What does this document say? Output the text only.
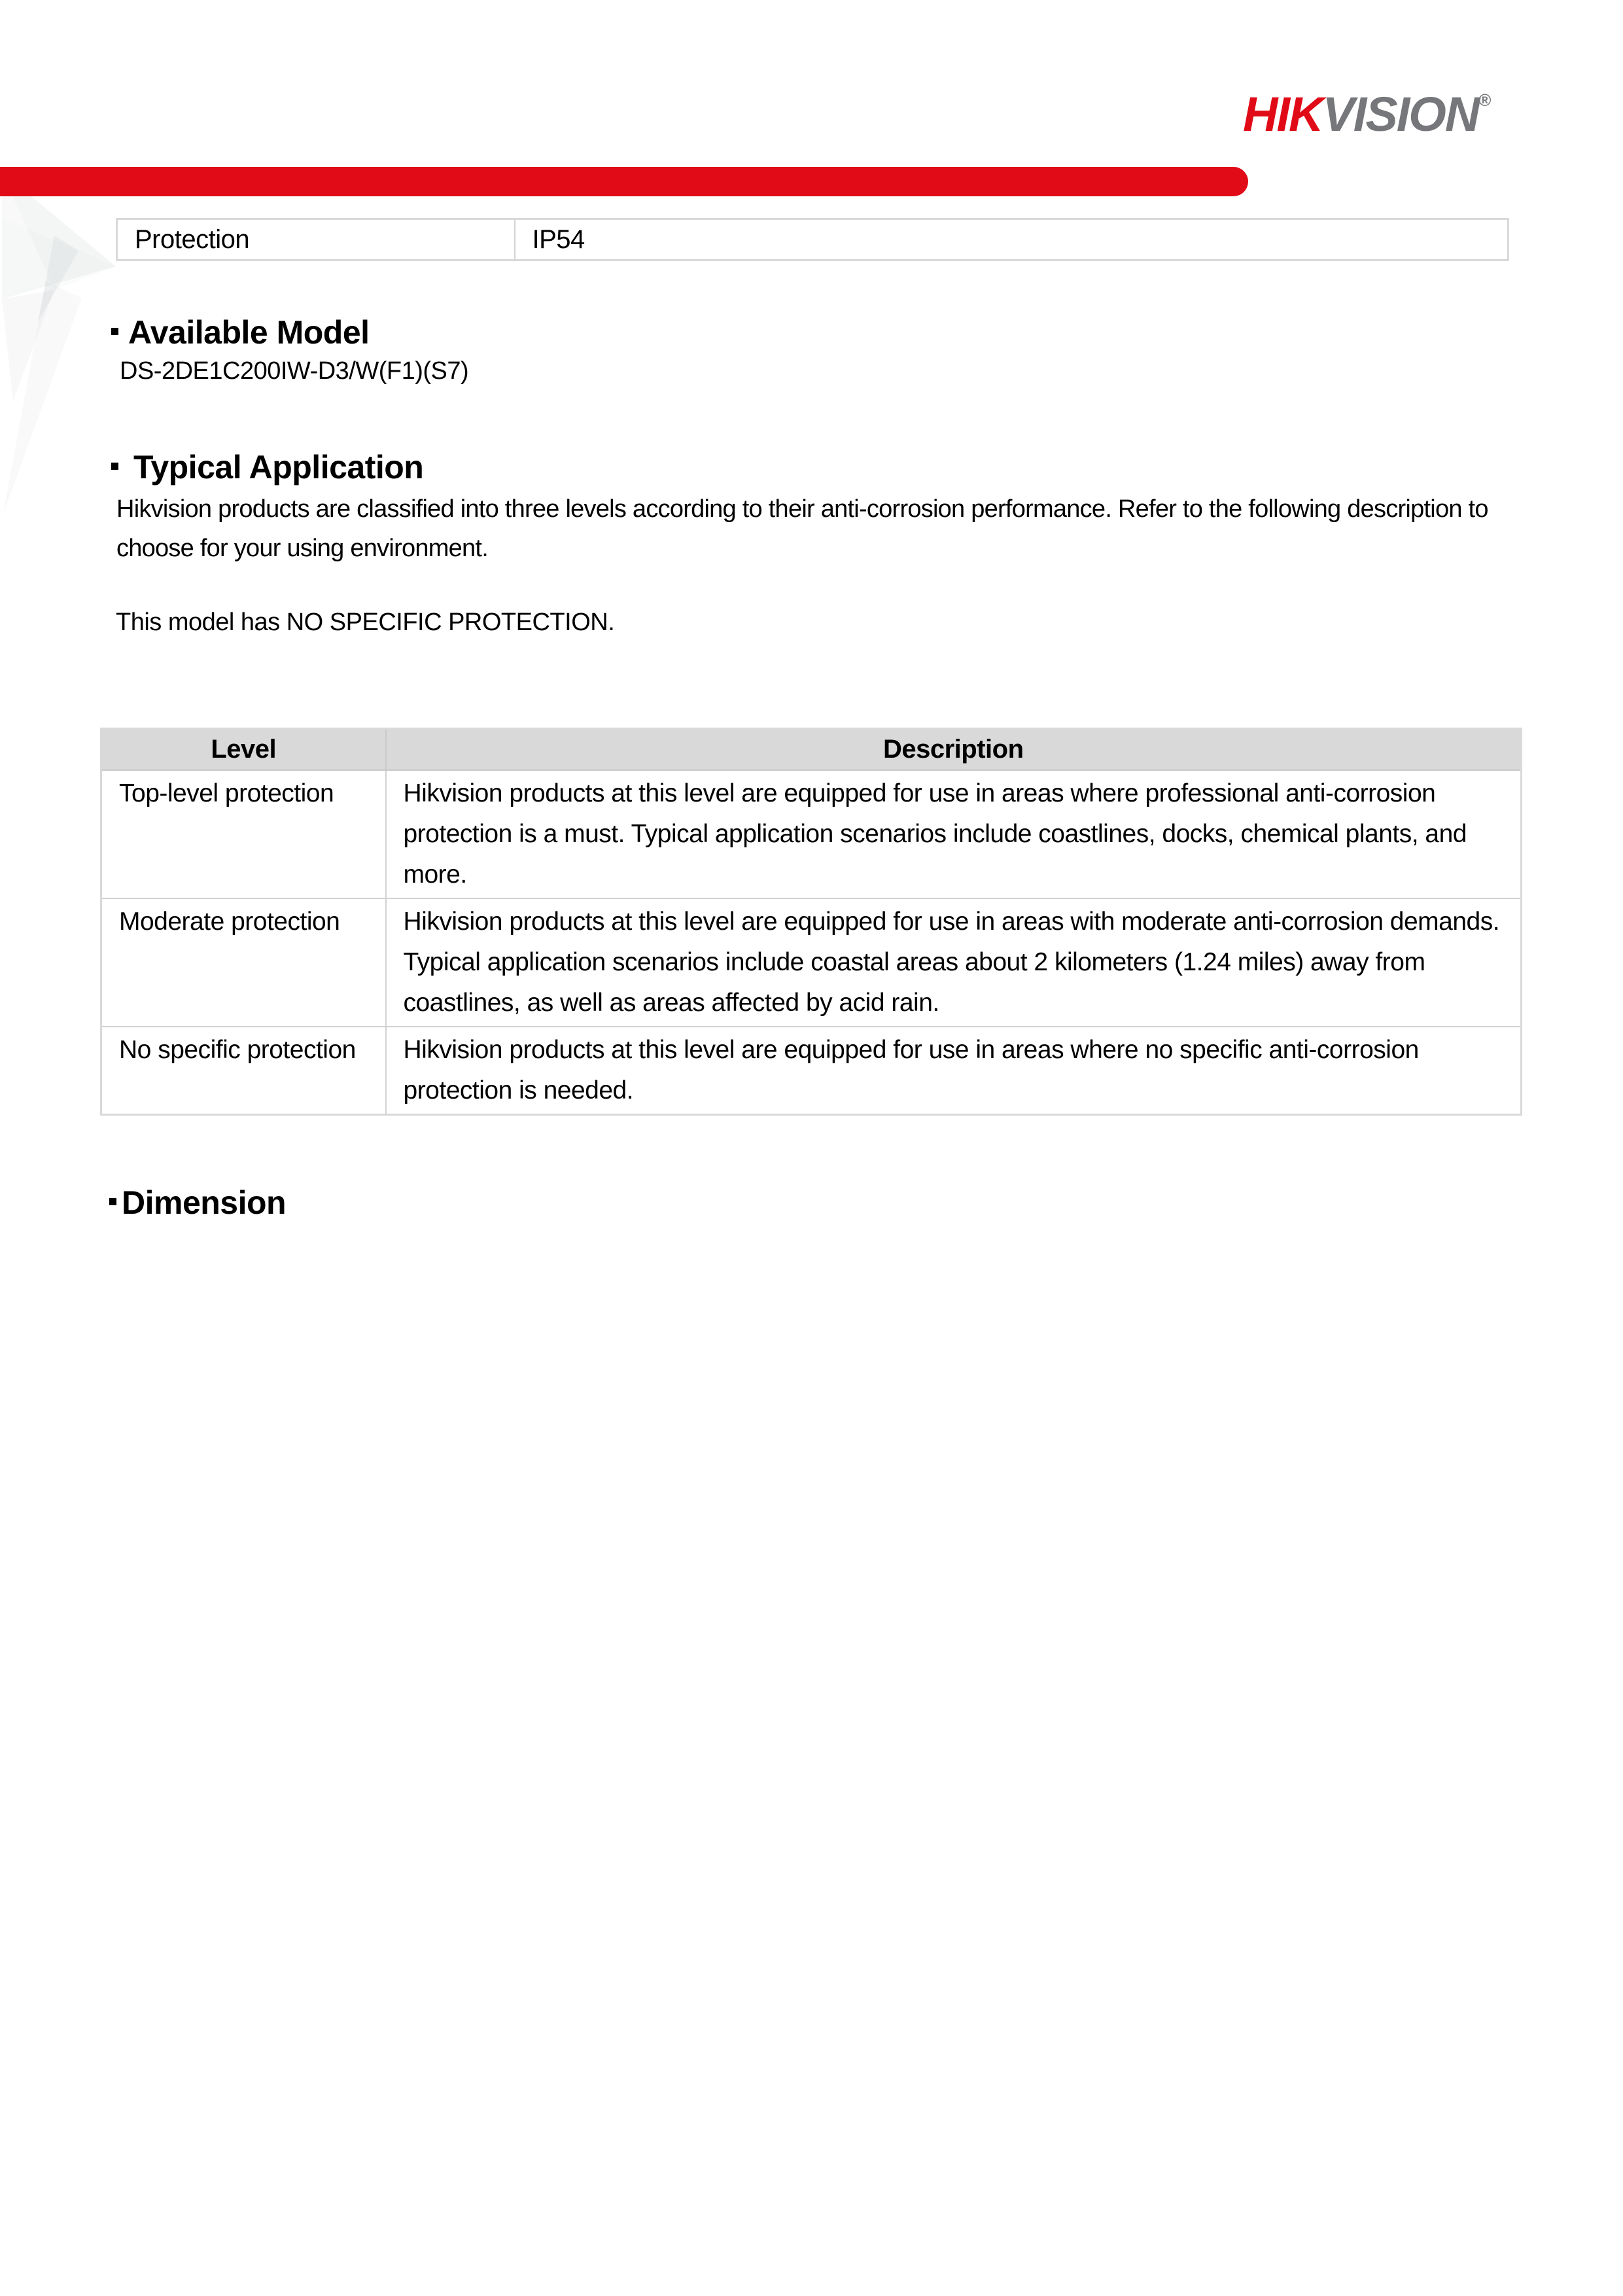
HIKVISION®
Protection	IP54
Available Model
DS-2DE1C200IW-D3/W(F1)(S7)
Typical Application
Hikvision products are classified into three levels according to their anti-corrosion performance. Refer to the following description to choose for your using environment.
This model has NO SPECIFIC PROTECTION.
Level	Description
Top-level protection	Hikvision products at this level are equipped for use in areas where professional anti-corrosion protection is a must. Typical application scenarios include coastlines, docks, chemical plants, and more.
Moderate protection	Hikvision products at this level are equipped for use in areas with moderate anti-corrosion demands. Typical application scenarios include coastal areas about 2 kilometers (1.24 miles) away from coastlines, as well as areas affected by acid rain.
No specific protection	Hikvision products at this level are equipped for use in areas where no specific anti-corrosion protection is needed.
Dimension
